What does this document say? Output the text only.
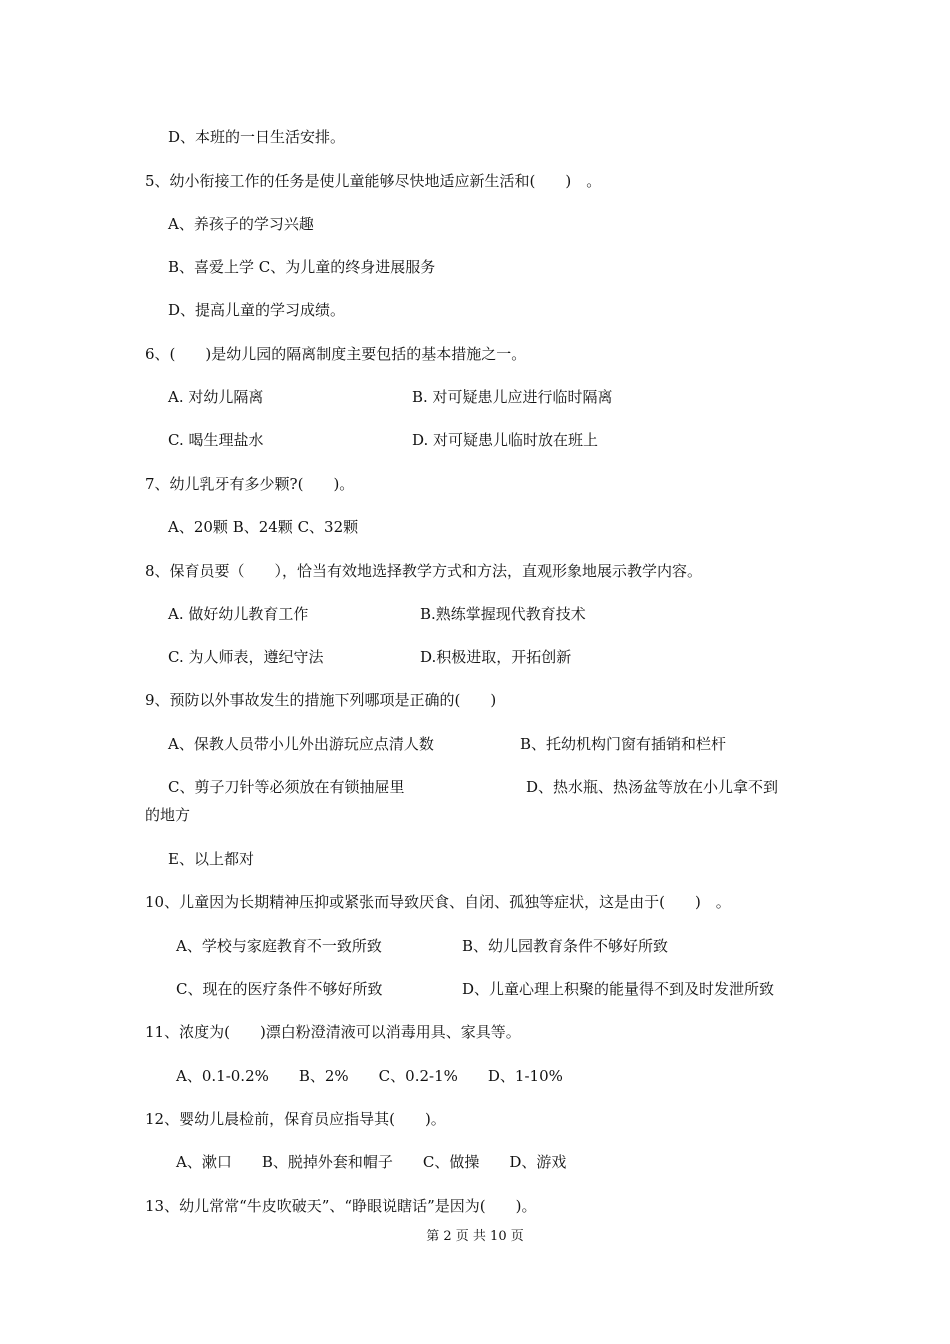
D、本班的一日生活安排。
5、幼小衔接工作的任务是使儿童能够尽快地适应新生活和(　　)　。
A、养孩子的学习兴趣
B、喜爱上学 C、为儿童的终身进展服务
D、提高儿童的学习成绩。
6、(　　)是幼儿园的隔离制度主要包括的基本措施之一。
A. 对幼儿隔离	B. 对可疑患儿应进行临时隔离
C. 喝生理盐水	D. 对可疑患儿临时放在班上
7、幼儿乳牙有多少颗?(　　)。
A、20颗 B、24颗 C、32颗
8、保育员要（　　），恰当有效地选择教学方式和方法，直观形象地展示教学内容。
A. 做好幼儿教育工作	B.熟练掌握现代教育技术
C. 为人师表，遵纪守法	D.积极进取，开拓创新
9、预防以外事故发生的措施下列哪项是正确的(　　)
A、保教人员带小儿外出游玩应点清人数	B、托幼机构门窗有插销和栏杆
C、剪子刀针等必须放在有锁抽屉里	D、热水瓶、热汤盆等放在小儿拿不到
的地方
E、以上都对
10、儿童因为长期精神压抑或紧张而导致厌食、自闭、孤独等症状，这是由于(　　)　。
A、学校与家庭教育不一致所致	B、幼儿园教育条件不够好所致
C、现在的医疗条件不够好所致	D、儿童心理上积聚的能量得不到及时发泄所致
11、浓度为(　　)漂白粉澄清液可以消毒用具、家具等。
A、0.1-0.2%　　B、2%　　C、0.2-1%　　D、1-10%
12、婴幼儿晨检前，保育员应指导其(　　)。
A、漱口　　B、脱掉外套和帽子　　C、做操　　D、游戏
13、幼儿常常“牛皮吹破天”、“睁眼说瞎话”是因为(　　)。
第 2 页 共 10 页
